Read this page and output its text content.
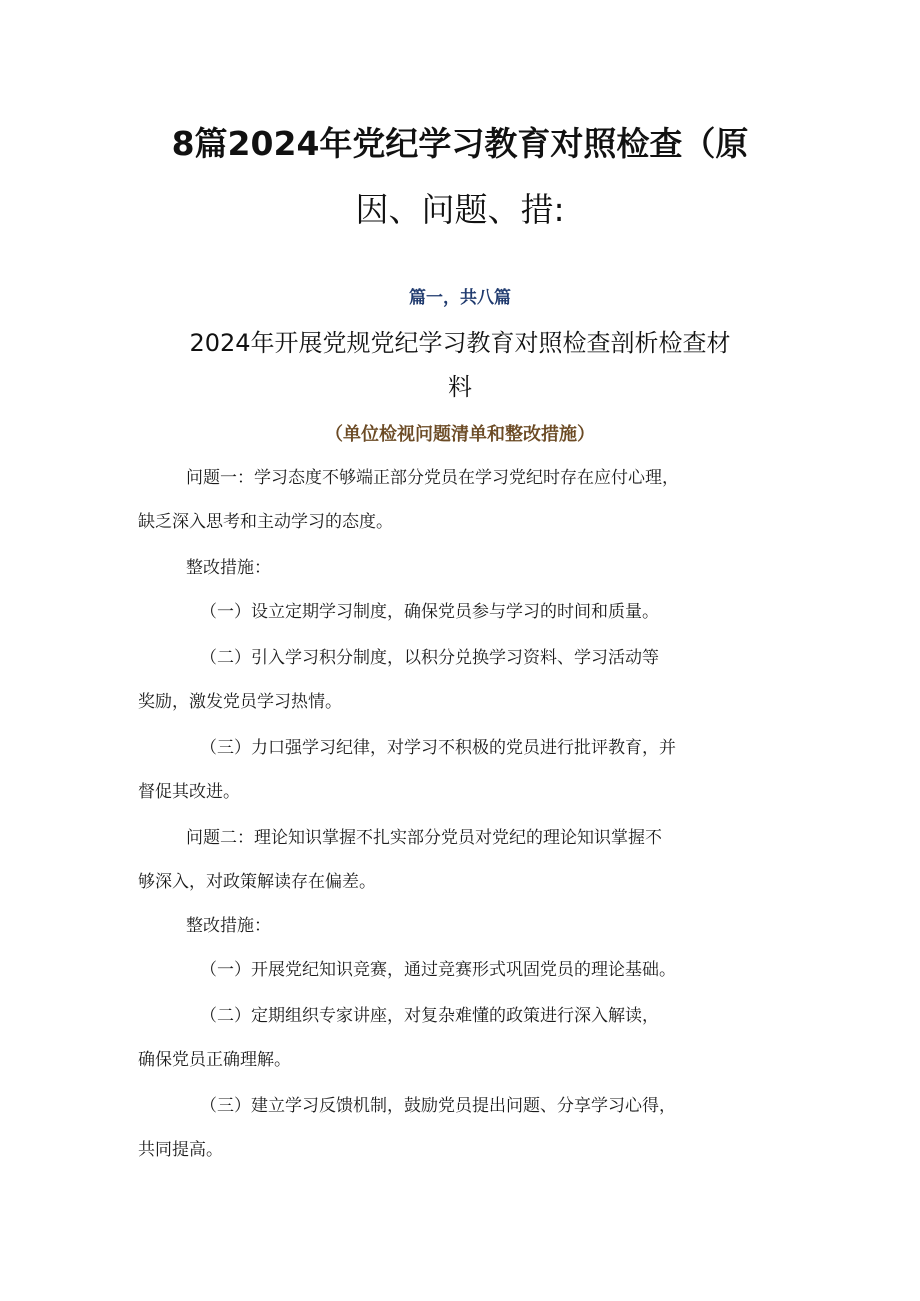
8篇2024年党纪学习教育对照检查（原
因、问题、措:
篇一，共八篇
2024年开展党规党纪学习教育对照检查剖析检查材
料
（单位检视问题清单和整改措施）
问题一：学习态度不够端正部分党员在学习党纪时存在应付心理，
缺乏深入思考和主动学习的态度。
整改措施：
（一）设立定期学习制度，确保党员参与学习的时间和质量。
（二）引入学习积分制度，以积分兑换学习资料、学习活动等
奖励，激发党员学习热情。
（三）力口强学习纪律，对学习不积极的党员进行批评教育，并
督促其改进。
问题二：理论知识掌握不扎实部分党员对党纪的理论知识掌握不
够深入，对政策解读存在偏差。
整改措施：
（一）开展党纪知识竞赛，通过竞赛形式巩固党员的理论基础。
（二）定期组织专家讲座，对复杂难懂的政策进行深入解读，
确保党员正确理解。
（三）建立学习反馈机制，鼓励党员提出问题、分享学习心得，
共同提高。
